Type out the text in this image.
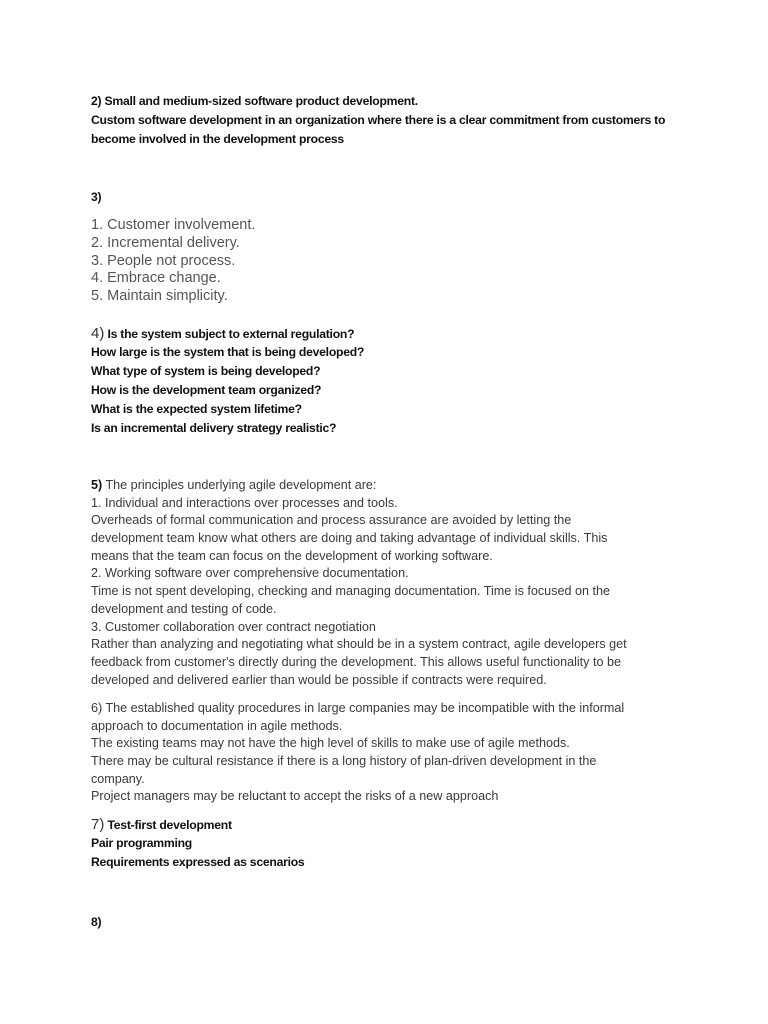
2) Small and medium-sized software product development.
Custom software development in an organization where there is a clear commitment from customers to
become involved in the development process
3)
1. Customer involvement.
2. Incremental delivery.
3. People not process.
4. Embrace change.
5. Maintain simplicity.
4) Is the system subject to external regulation?
How large is the system that is being developed?
What type of system is being developed?
How is the development team organized?
What is the expected system lifetime?
Is an incremental delivery strategy realistic?
5) The principles underlying agile development are:
1. Individual and interactions over processes and tools.
Overheads of formal communication and process assurance are avoided by letting the
development team know what others are doing and taking advantage of individual skills. This
means that the team can focus on the development of working software.
2. Working software over comprehensive documentation.
Time is not spent developing, checking and managing documentation. Time is focused on the
development and testing of code.
3. Customer collaboration over contract negotiation
Rather than analyzing and negotiating what should be in a system contract, agile developers get
feedback from customer's directly during the development. This allows useful functionality to be
developed and delivered earlier than would be possible if contracts were required.
6) The established quality procedures in large companies may be incompatible with the informal
approach to documentation in agile methods.
The existing teams may not have the high level of skills to make use of agile methods.
There may be cultural resistance if there is a long history of plan-driven development in the
company.
Project managers may be reluctant to accept the risks of a new approach
7) Test-first development
Pair programming
Requirements expressed as scenarios
8)
